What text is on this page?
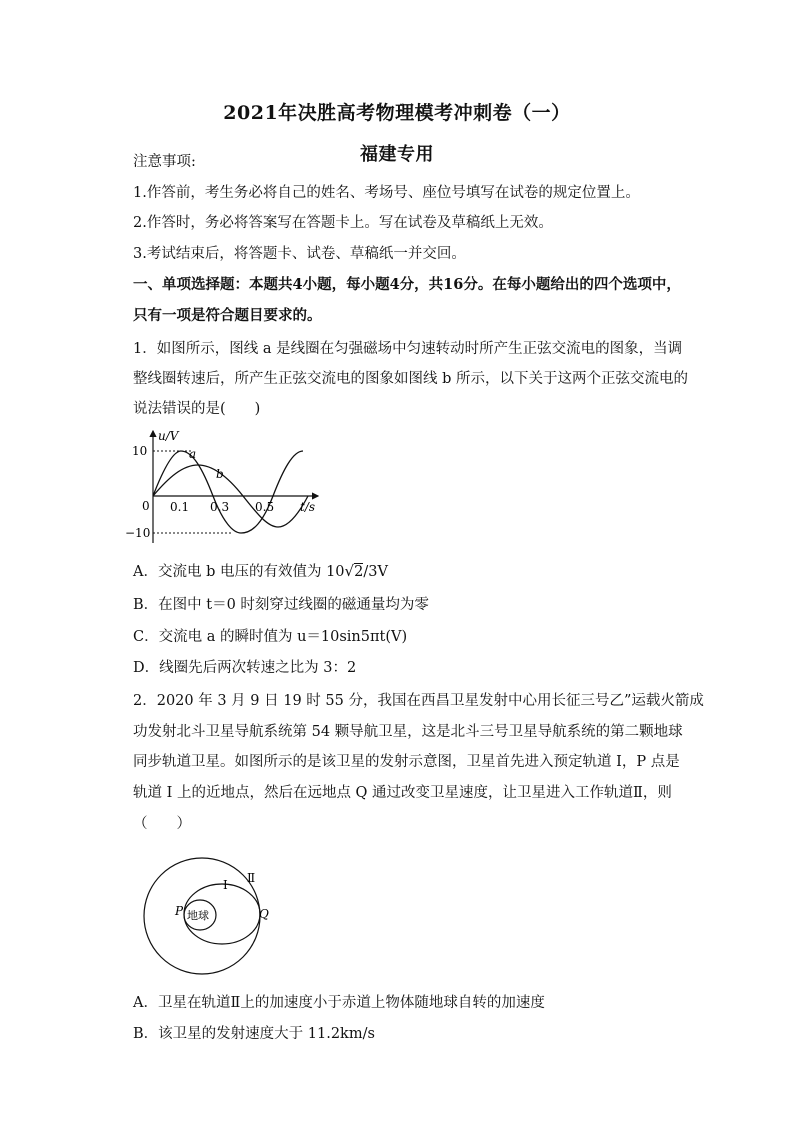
2021年决胜高考物理模考冲刺卷（一）
福建专用
注意事项:
1.作答前，考生务必将自己的姓名、考场号、座位号填写在试卷的规定位置上。
2.作答时，务必将答案写在答题卡上。写在试卷及草稿纸上无效。
3.考试结束后，将答题卡、试卷、草稿纸一并交回。
一、单项选择题：本题共4小题，每小题4分，共16分。在每小题给出的四个选项中，
只有一项是符合题目要求的。
1．如图所示，图线 a 是线圈在匀强磁场中匀速转动时所产生正弦交流电的图象，当调
整线圈转速后，所产生正弦交流电的图象如图线 b 所示，以下关于这两个正弦交流电的
说法错误的是(　　)
u/V
t/s
10
0
−10
0.1 0.3 0.5
a
b
A．交流电 b 电压的有效值为 10√2/3V
B．在图中 t＝0 时刻穿过线圈的磁通量均为零
C．交流电 a 的瞬时值为 u＝10sin5πt(V)
D．线圈先后两次转速之比为 3：2
2．2020 年 3 月 9 日 19 时 55 分，我国在西昌卫星发射中心用长征三号乙”运载火箭成
功发射北斗卫星导航系统第 54 颗导航卫星，这是北斗三号卫星导航系统的第二颗地球
同步轨道卫星。如图所示的是该卫星的发射示意图，卫星首先进入预定轨道 I，P 点是
轨道 I 上的近地点，然后在远地点 Q 通过改变卫星速度，让卫星进入工作轨道Ⅱ，则
（　　）
地球
P	Q
I Ⅱ
A．卫星在轨道Ⅱ上的加速度小于赤道上物体随地球自转的加速度
B．该卫星的发射速度大于 11.2km/s
